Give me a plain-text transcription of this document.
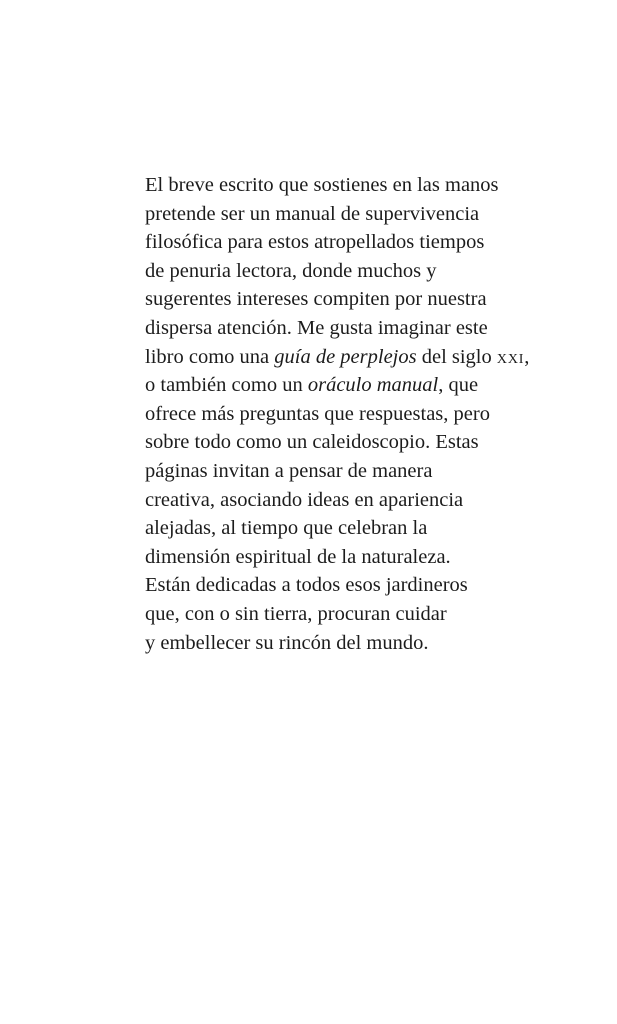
El breve escrito que sostienes en las manos
pretende ser un manual de supervivencia
filosófica para estos atropellados tiempos
de penuria lectora, donde muchos y
sugerentes intereses compiten por nuestra
dispersa atención. Me gusta imaginar este
libro como una guía de perplejos del siglo xxi,
o también como un oráculo manual, que
ofrece más preguntas que respuestas, pero
sobre todo como un caleidoscopio. Estas
páginas invitan a pensar de manera
creativa, asociando ideas en apariencia
alejadas, al tiempo que celebran la
dimensión espiritual de la naturaleza.
Están dedicadas a todos esos jardineros
que, con o sin tierra, procuran cuidar
y embellecer su rincón del mundo.
